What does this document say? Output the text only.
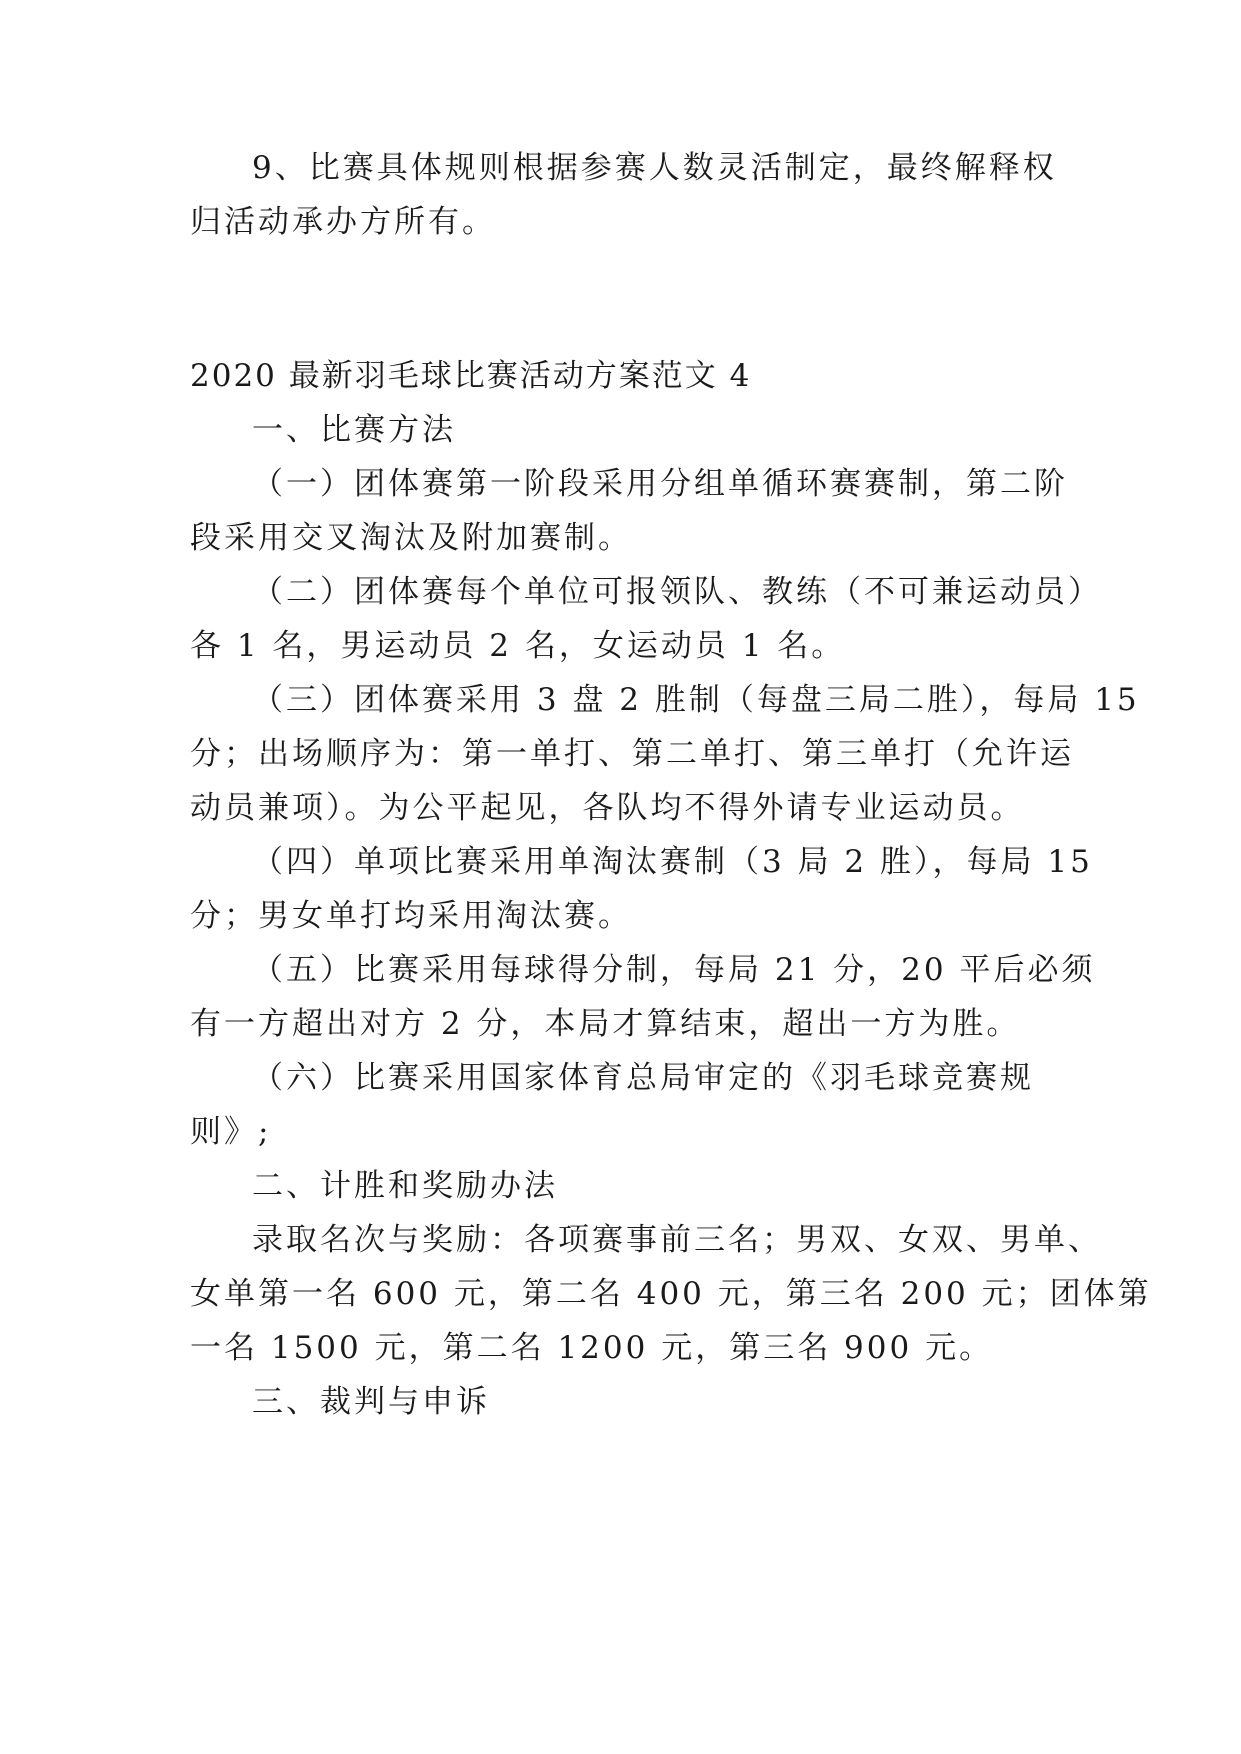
9、比赛具体规则根据参赛人数灵活制定，最终解释权
归活动承办方所有。
2020 最新羽毛球比赛活动方案范文 4
一、比赛方法
（一）团体赛第一阶段采用分组单循环赛赛制，第二阶
段采用交叉淘汰及附加赛制。
（二）团体赛每个单位可报领队、教练（不可兼运动员）
各 1 名，男运动员 2 名，女运动员 1 名。
（三）团体赛采用 3 盘 2 胜制（每盘三局二胜），每局 15
分；出场顺序为：第一单打、第二单打、第三单打（允许运
动员兼项）。为公平起见，各队均不得外请专业运动员。
（四）单项比赛采用单淘汰赛制（3 局 2 胜），每局 15
分；男女单打均采用淘汰赛。
（五）比赛采用每球得分制，每局 21 分，20 平后必须
有一方超出对方 2 分，本局才算结束，超出一方为胜。
（六）比赛采用国家体育总局审定的《羽毛球竞赛规
则》;
二、计胜和奖励办法
录取名次与奖励：各项赛事前三名；男双、女双、男单、
女单第一名 600 元，第二名 400 元，第三名 200 元；团体第
一名 1500 元，第二名 1200 元，第三名 900 元。
三、裁判与申诉
